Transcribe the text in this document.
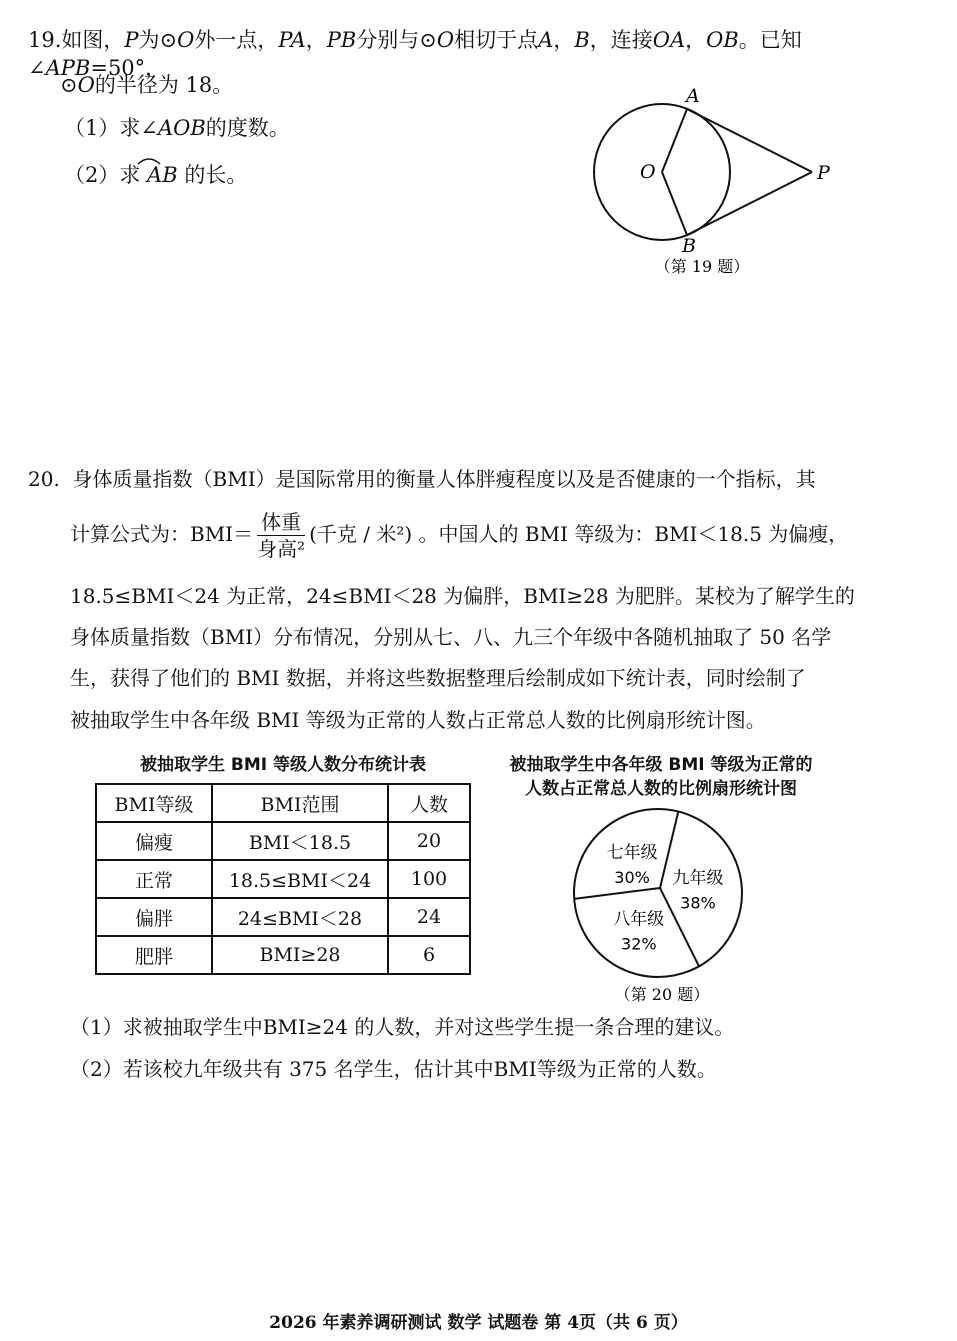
19.如图，P为⊙O外一点，PA，PB分别与⊙O相切于点A，B，连接OA，OB。已知∠APB=50°，
⊙O的半径为 18。
（1）求∠AOB的度数。
（2）求 AB 的长。
A
B
O	P
（第 19 题）
20. 身体质量指数（BMI）是国际常用的衡量人体胖瘦程度以及是否健康的一个指标，其
计算公式为：$BMI= \frac{\text{体重}}{\text{身高²}}$ (千克 / 米²) 。中国人的 BMI 等级为：BMI＜18.5 为偏瘦，
18.5≤BMI＜24 为正常，24≤BMI＜28 为偏胖，BMI≥28 为肥胖。某校为了解学生的
身体质量指数（BMI）分布情况，分别从七、八、九三个年级中各随机抽取了 50 名学
生，获得了他们的 BMI 数据，并将这些数据整理后绘制成如下统计表，同时绘制了
被抽取学生中各年级 BMI 等级为正常的人数占正常总人数的比例扇形统计图。
被抽取学生 BMI 等级人数分布统计表
BMI等级	BMI范围	人数
偏瘦	BMI＜18.5	20
正常	18.5≤BMI＜24	100
偏胖	24≤BMI＜28	24
肥胖	BMI≥28	6
被抽取学生中各年级 BMI 等级为正常的
人数占正常总人数的比例扇形统计图
九年级
38%
八年级
32%
七年级
30%
（第 20 题）
（1）求被抽取学生中BMI≥24 的人数，并对这些学生提一条合理的建议。
（2）若该校九年级共有 375 名学生，估计其中BMI等级为正常的人数。
2026 年素养调研测试 数学 试题卷 第 4页（共 6 页）
